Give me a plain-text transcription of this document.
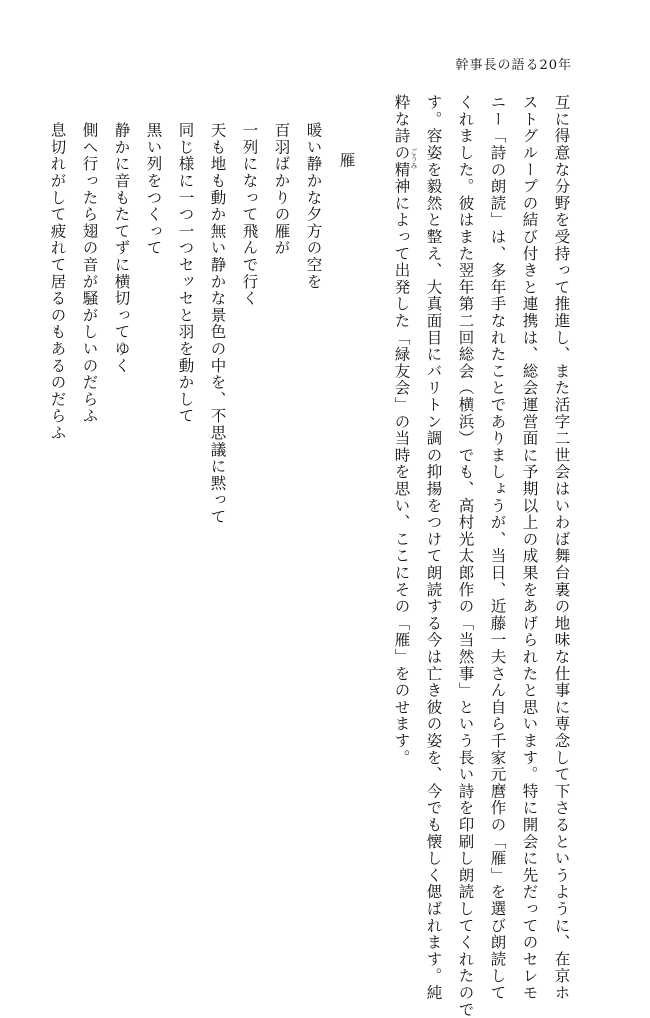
幹事長の語る20年
互に得意な分野を受持って推進し、また活字二世会はいわば舞台裏の地味な仕事に専念して下さるというように、在京ホ
ストグループの結び付きと連携は、総会運営面に予期以上の成果をあげられたと思います。特に開会に先だってのセレモ
ニー「詩の朗読」は、多年手なれたことでありましょうが、当日、近藤一夫さん自ら千家元麿作の「雁」を選び朗読して
くれました。彼はまた翌年第二回総会（横浜）でも、高村光太郎作の「当然事」という長い詩を印刷し朗読してくれたので
す。容姿を毅然と整え、大真面目にバリトン調の抑揚をつけて朗読する今は亡き彼の姿を、今でも懐しく偲ばれます。純
粋な詩の精神によって出発した「緑友会」の当時を思い、ここにその「雁」をのせます。 ごうみ
雁
暖い静かな夕方の空を
百羽ばかりの雁が
一列になって飛んで行く
天も地も動か無い静かな景色の中を、不思議に黙って
同じ様に一つ一つセッセと羽を動かして
黒い列をつくって
静かに音もたてずに横切ってゆく
側へ行ったら翅の音が騒がしいのだらふ
息切れがして疲れて居るのもあるのだらふ
